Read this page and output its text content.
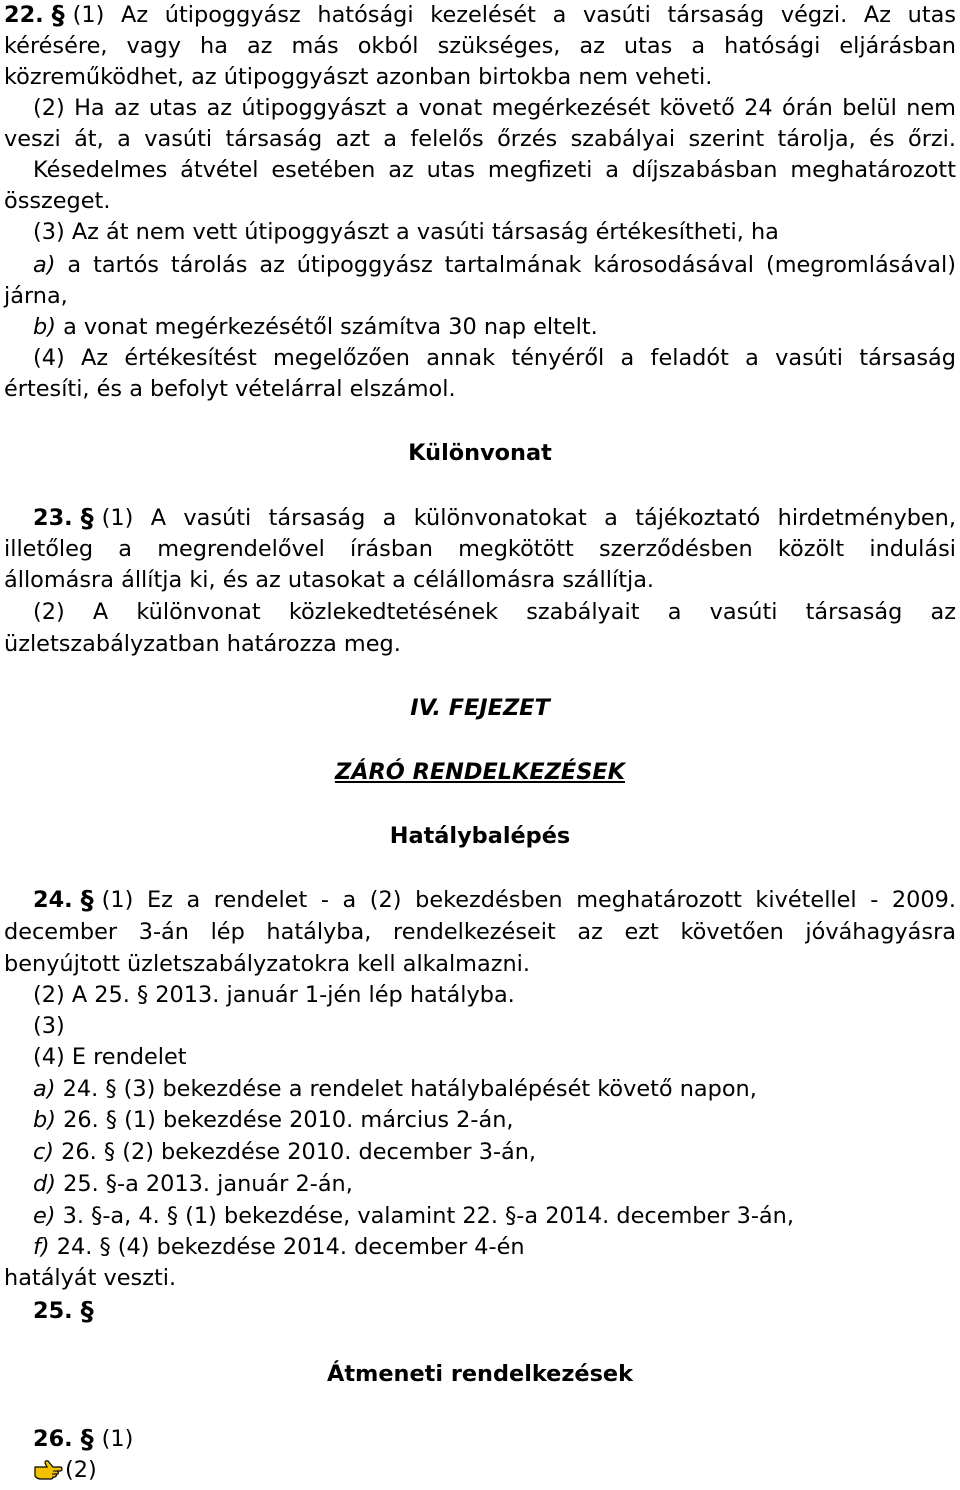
22. § (1) Az útipoggyász hatósági kezelését a vasúti társaság végzi. Az utas
kérésére, vagy ha az más okból szükséges, az utas a hatósági eljárásban
közreműködhet, az útipoggyászt azonban birtokba nem veheti.
(2) Ha az utas az útipoggyászt a vonat megérkezését követő 24 órán belül nem
veszi át, a vasúti társaság azt a felelős őrzés szabályai szerint tárolja, és őrzi.
Késedelmes átvétel esetében az utas megfizeti a díjszabásban meghatározott
összeget.
(3) Az át nem vett útipoggyászt a vasúti társaság értékesítheti, ha
a) a tartós tárolás az útipoggyász tartalmának károsodásával (megromlásával)
járna,
b) a vonat megérkezésétől számítva 30 nap eltelt.
(4) Az értékesítést megelőzően annak tényéről a feladót a vasúti társaság
értesíti, és a befolyt vételárral elszámol.
Különvonat
23. § (1) A vasúti társaság a különvonatokat a tájékoztató hirdetményben,
illetőleg a megrendelővel írásban megkötött szerződésben közölt indulási
állomásra állítja ki, és az utasokat a célállomásra szállítja.
(2) A különvonat közlekedtetésének szabályait a vasúti társaság az
üzletszabályzatban határozza meg.
IV. FEJEZET
ZÁRÓ RENDELKEZÉSEK
Hatálybalépés
24. § (1) Ez a rendelet - a (2) bekezdésben meghatározott kivétellel - 2009.
december 3-án lép hatályba, rendelkezéseit az ezt követően jóváhagyásra
benyújtott üzletszabályzatokra kell alkalmazni.
(2) A 25. § 2013. január 1-jén lép hatályba.
(3)
(4) E rendelet
a) 24. § (3) bekezdése a rendelet hatálybalépését követő napon,
b) 26. § (1) bekezdése 2010. március 2-án,
c) 26. § (2) bekezdése 2010. december 3-án,
d) 25. §-a 2013. január 2-án,
e) 3. §-a, 4. § (1) bekezdése, valamint 22. §-a 2014. december 3-án,
f) 24. § (4) bekezdése 2014. december 4-én
hatályát veszti.
25. §
Átmeneti rendelkezések
26. § (1)
(2)
